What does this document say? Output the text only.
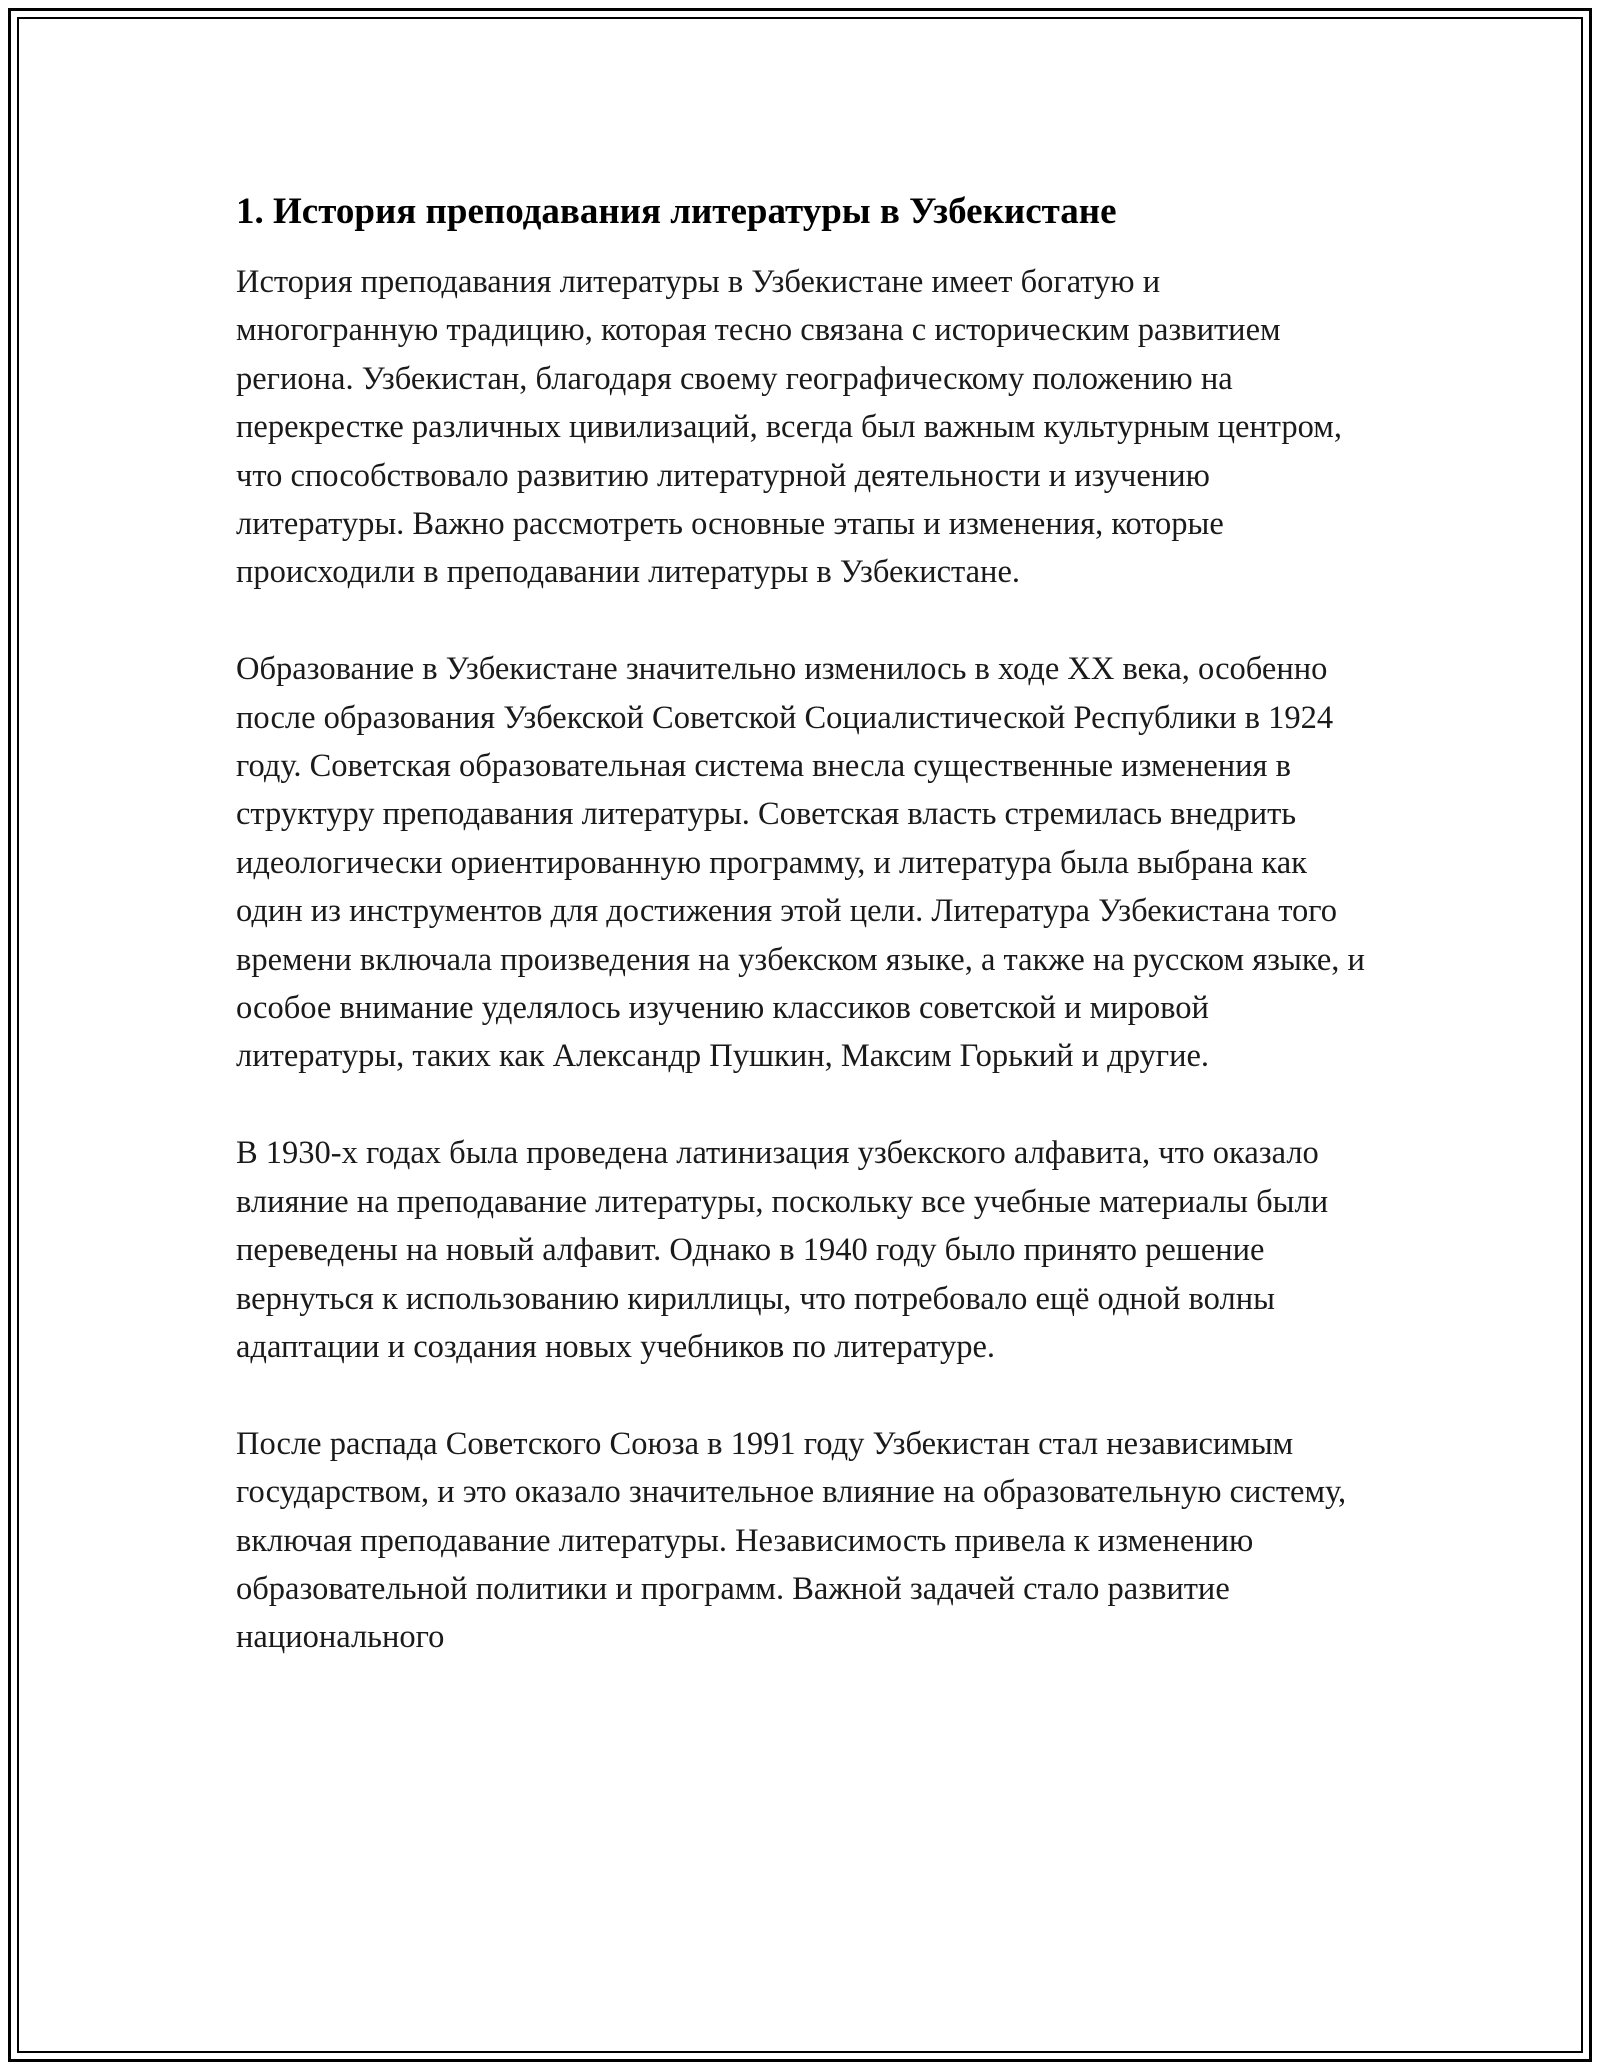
1. История преподавания литературы в Узбекистане

История преподавания литературы в Узбекистане имеет богатую и многогранную традицию, которая тесно связана с историческим развитием региона. Узбекистан, благодаря своему географическому положению на перекрестке различных цивилизаций, всегда был важным культурным центром, что способствовало развитию литературной деятельности и изучению литературы. Важно рассмотреть основные этапы и изменения, которые происходили в преподавании литературы в Узбекистане.

Образование в Узбекистане значительно изменилось в ходе XX века, особенно после образования Узбекской Советской Социалистической Республики в 1924 году. Советская образовательная система внесла существенные изменения в структуру преподавания литературы. Советская власть стремилась внедрить идеологически ориентированную программу, и литература была выбрана как один из инструментов для достижения этой цели. Литература Узбекистана того времени включала произведения на узбекском языке, а также на русском языке, и особое внимание уделялось изучению классиков советской и мировой литературы, таких как Александр Пушкин, Максим Горький и другие.

В 1930-х годах была проведена латинизация узбекского алфавита, что оказало влияние на преподавание литературы, поскольку все учебные материалы были переведены на новый алфавит. Однако в 1940 году было принято решение вернуться к использованию кириллицы, что потребовало ещё одной волны адаптации и создания новых учебников по литературе.

После распада Советского Союза в 1991 году Узбекистан стал независимым государством, и это оказало значительное влияние на образовательную систему, включая преподавание литературы. Независимость привела к изменению образовательной политики и программ. Важной задачей стало развитие национального
